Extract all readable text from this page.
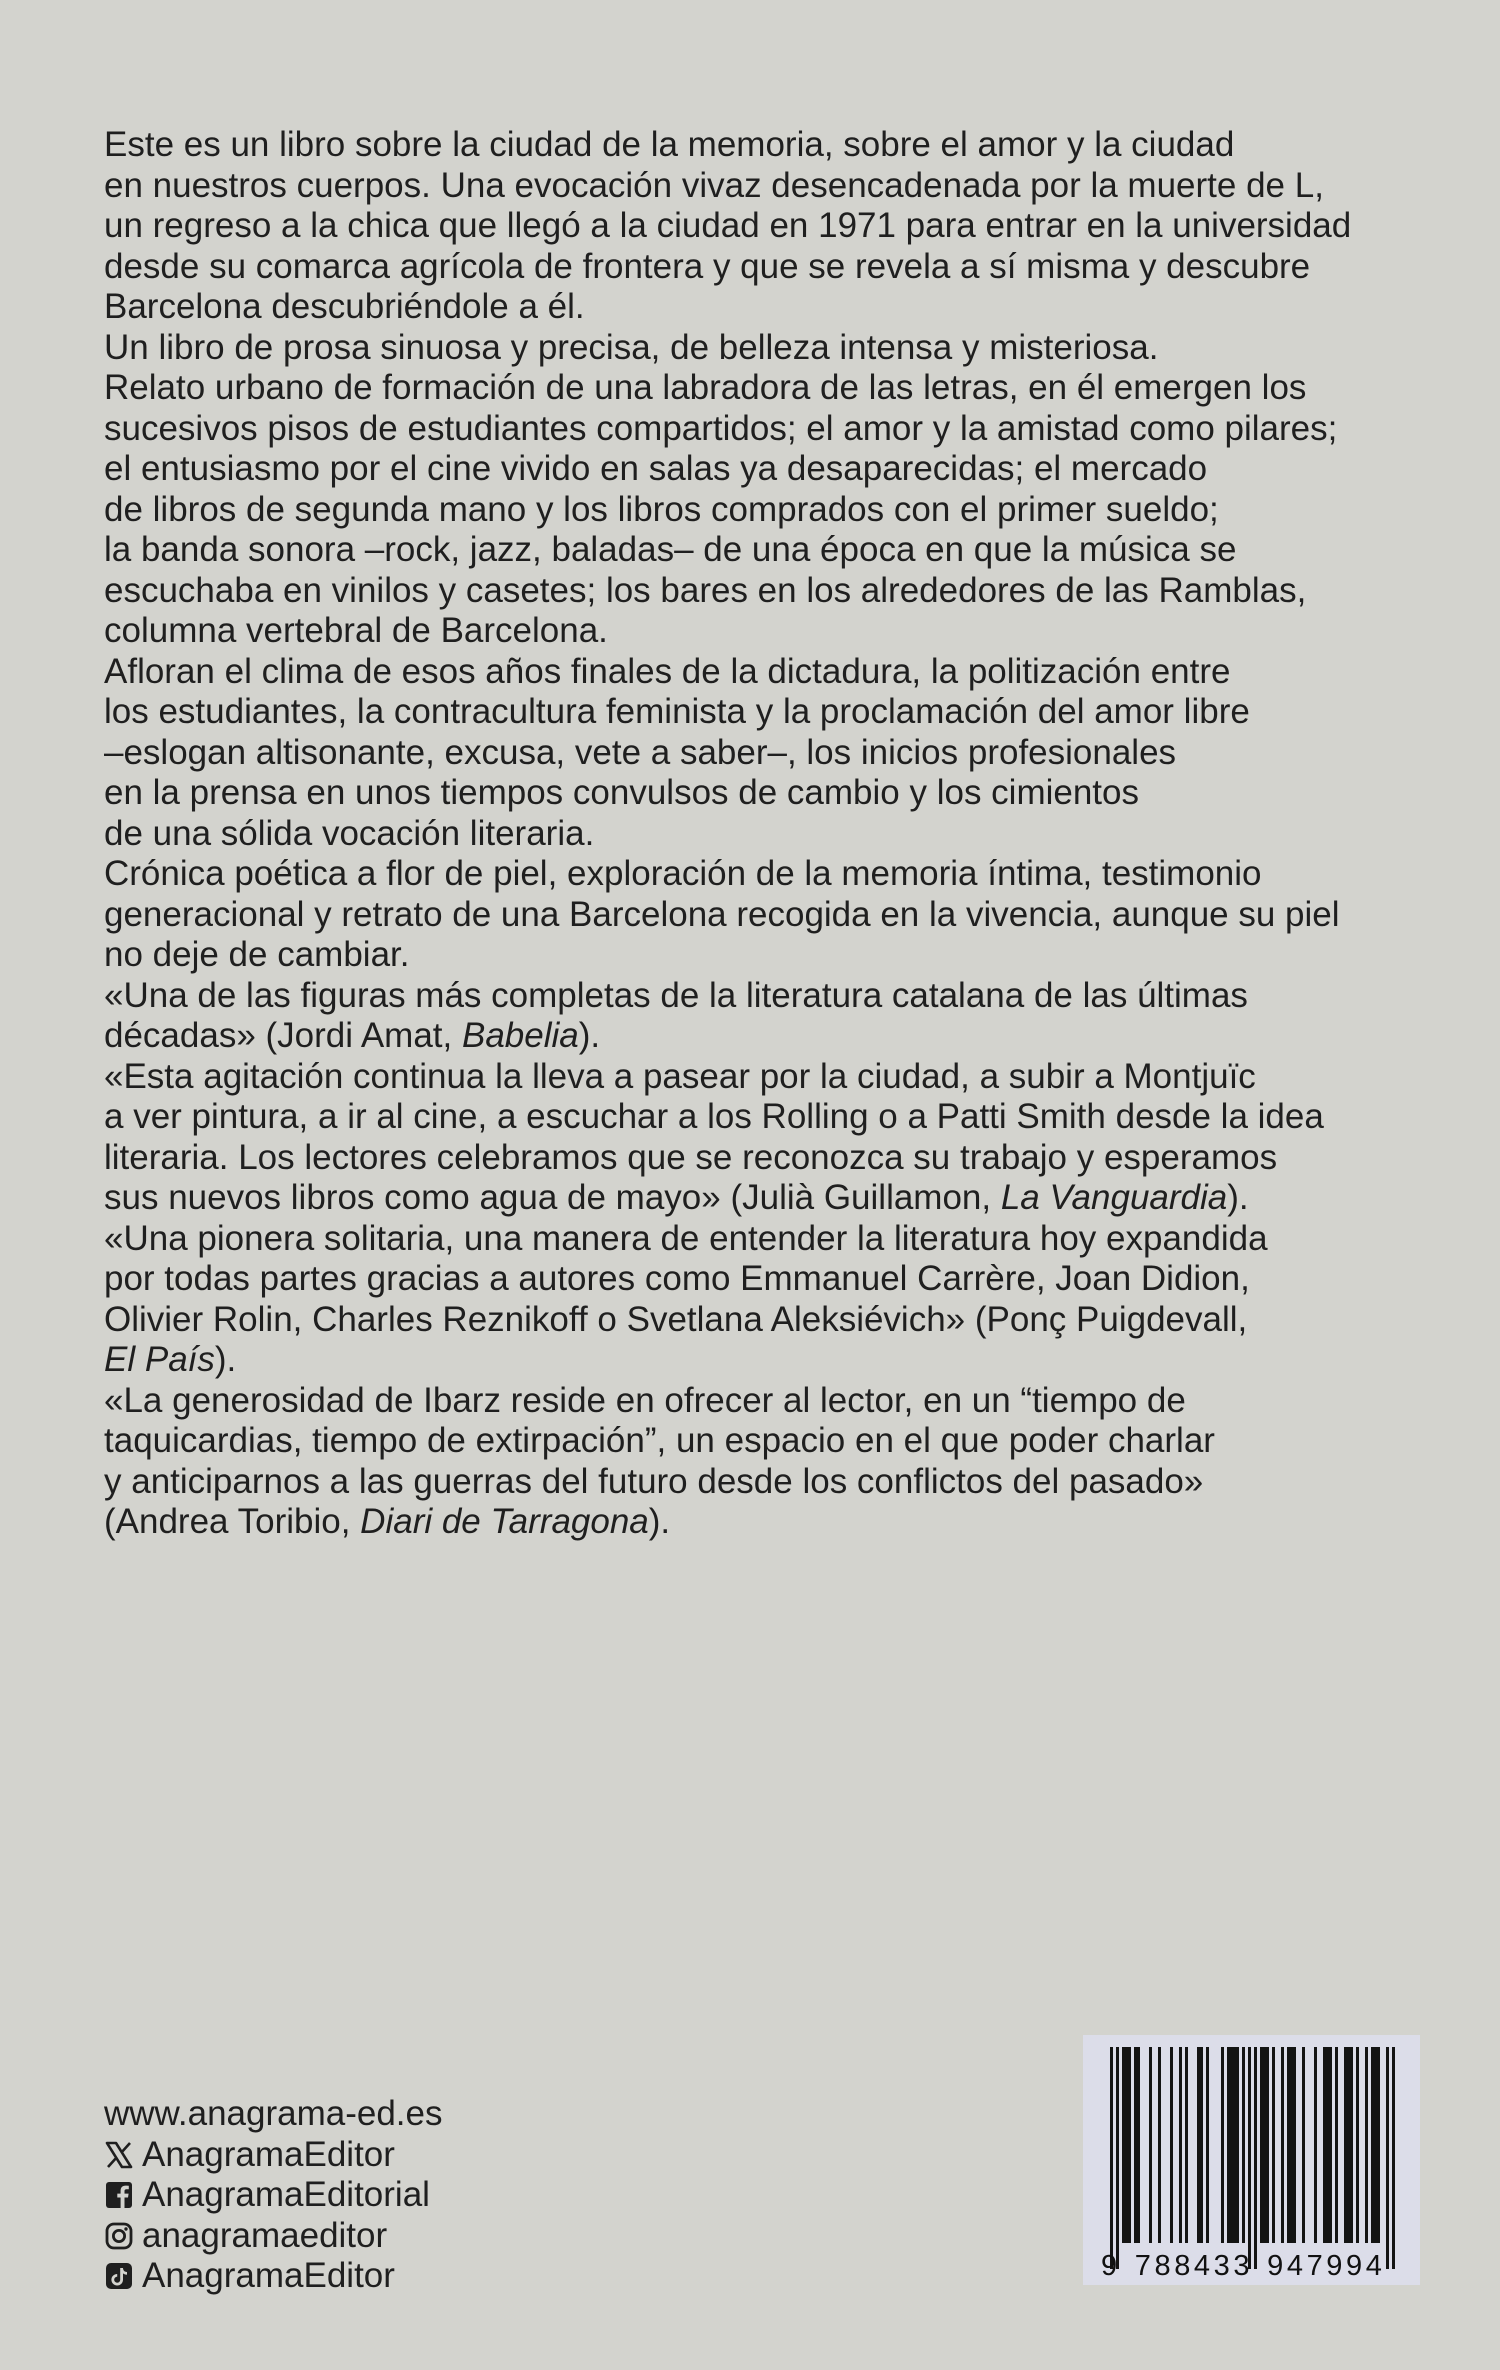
Este es un libro sobre la ciudad de la memoria, sobre el amor y la ciudad
en nuestros cuerpos. Una evocación vivaz desencadenada por la muerte de L,
un regreso a la chica que llegó a la ciudad en 1971 para entrar en la universidad
desde su comarca agrícola de frontera y que se revela a sí misma y descubre
Barcelona descubriéndole a él.

Un libro de prosa sinuosa y precisa, de belleza intensa y misteriosa.

Relato urbano de formación de una labradora de las letras, en él emergen los
sucesivos pisos de estudiantes compartidos; el amor y la amistad como pilares;
el entusiasmo por el cine vivido en salas ya desaparecidas; el mercado
de libros de segunda mano y los libros comprados con el primer sueldo;
la banda sonora –rock, jazz, baladas– de una época en que la música se
escuchaba en vinilos y casetes; los bares en los alrededores de las Ramblas,
columna vertebral de Barcelona.

Afloran el clima de esos años finales de la dictadura, la politización entre
los estudiantes, la contracultura feminista y la proclamación del amor libre
–eslogan altisonante, excusa, vete a saber–, los inicios profesionales
en la prensa en unos tiempos convulsos de cambio y los cimientos
de una sólida vocación literaria.

Crónica poética a flor de piel, exploración de la memoria íntima, testimonio
generacional y retrato de una Barcelona recogida en la vivencia, aunque su piel
no deje de cambiar.

«Una de las figuras más completas de la literatura catalana de las últimas
décadas» (Jordi Amat, Babelia).

«Esta agitación continua la lleva a pasear por la ciudad, a subir a Montjuïc
a ver pintura, a ir al cine, a escuchar a los Rolling o a Patti Smith desde la idea
literaria. Los lectores celebramos que se reconozca su trabajo y esperamos
sus nuevos libros como agua de mayo» (Julià Guillamon, La Vanguardia).

«Una pionera solitaria, una manera de entender la literatura hoy expandida
por todas partes gracias a autores como Emmanuel Carrère, Joan Didion,
Olivier Rolin, Charles Reznikoff o Svetlana Aleksiévich» (Ponç Puigdevall,
El País).

«La generosidad de Ibarz reside en ofrecer al lector, en un “tiempo de
taquicardias, tiempo de extirpación”, un espacio en el que poder charlar
y anticiparnos a las guerras del futuro desde los conflictos del pasado»
(Andrea Toribio, Diari de Tarragona).

www.anagrama-ed.es
AnagramaEditor
AnagramaEditorial
anagramaeditor
AnagramaEditor	9 788433 947994
